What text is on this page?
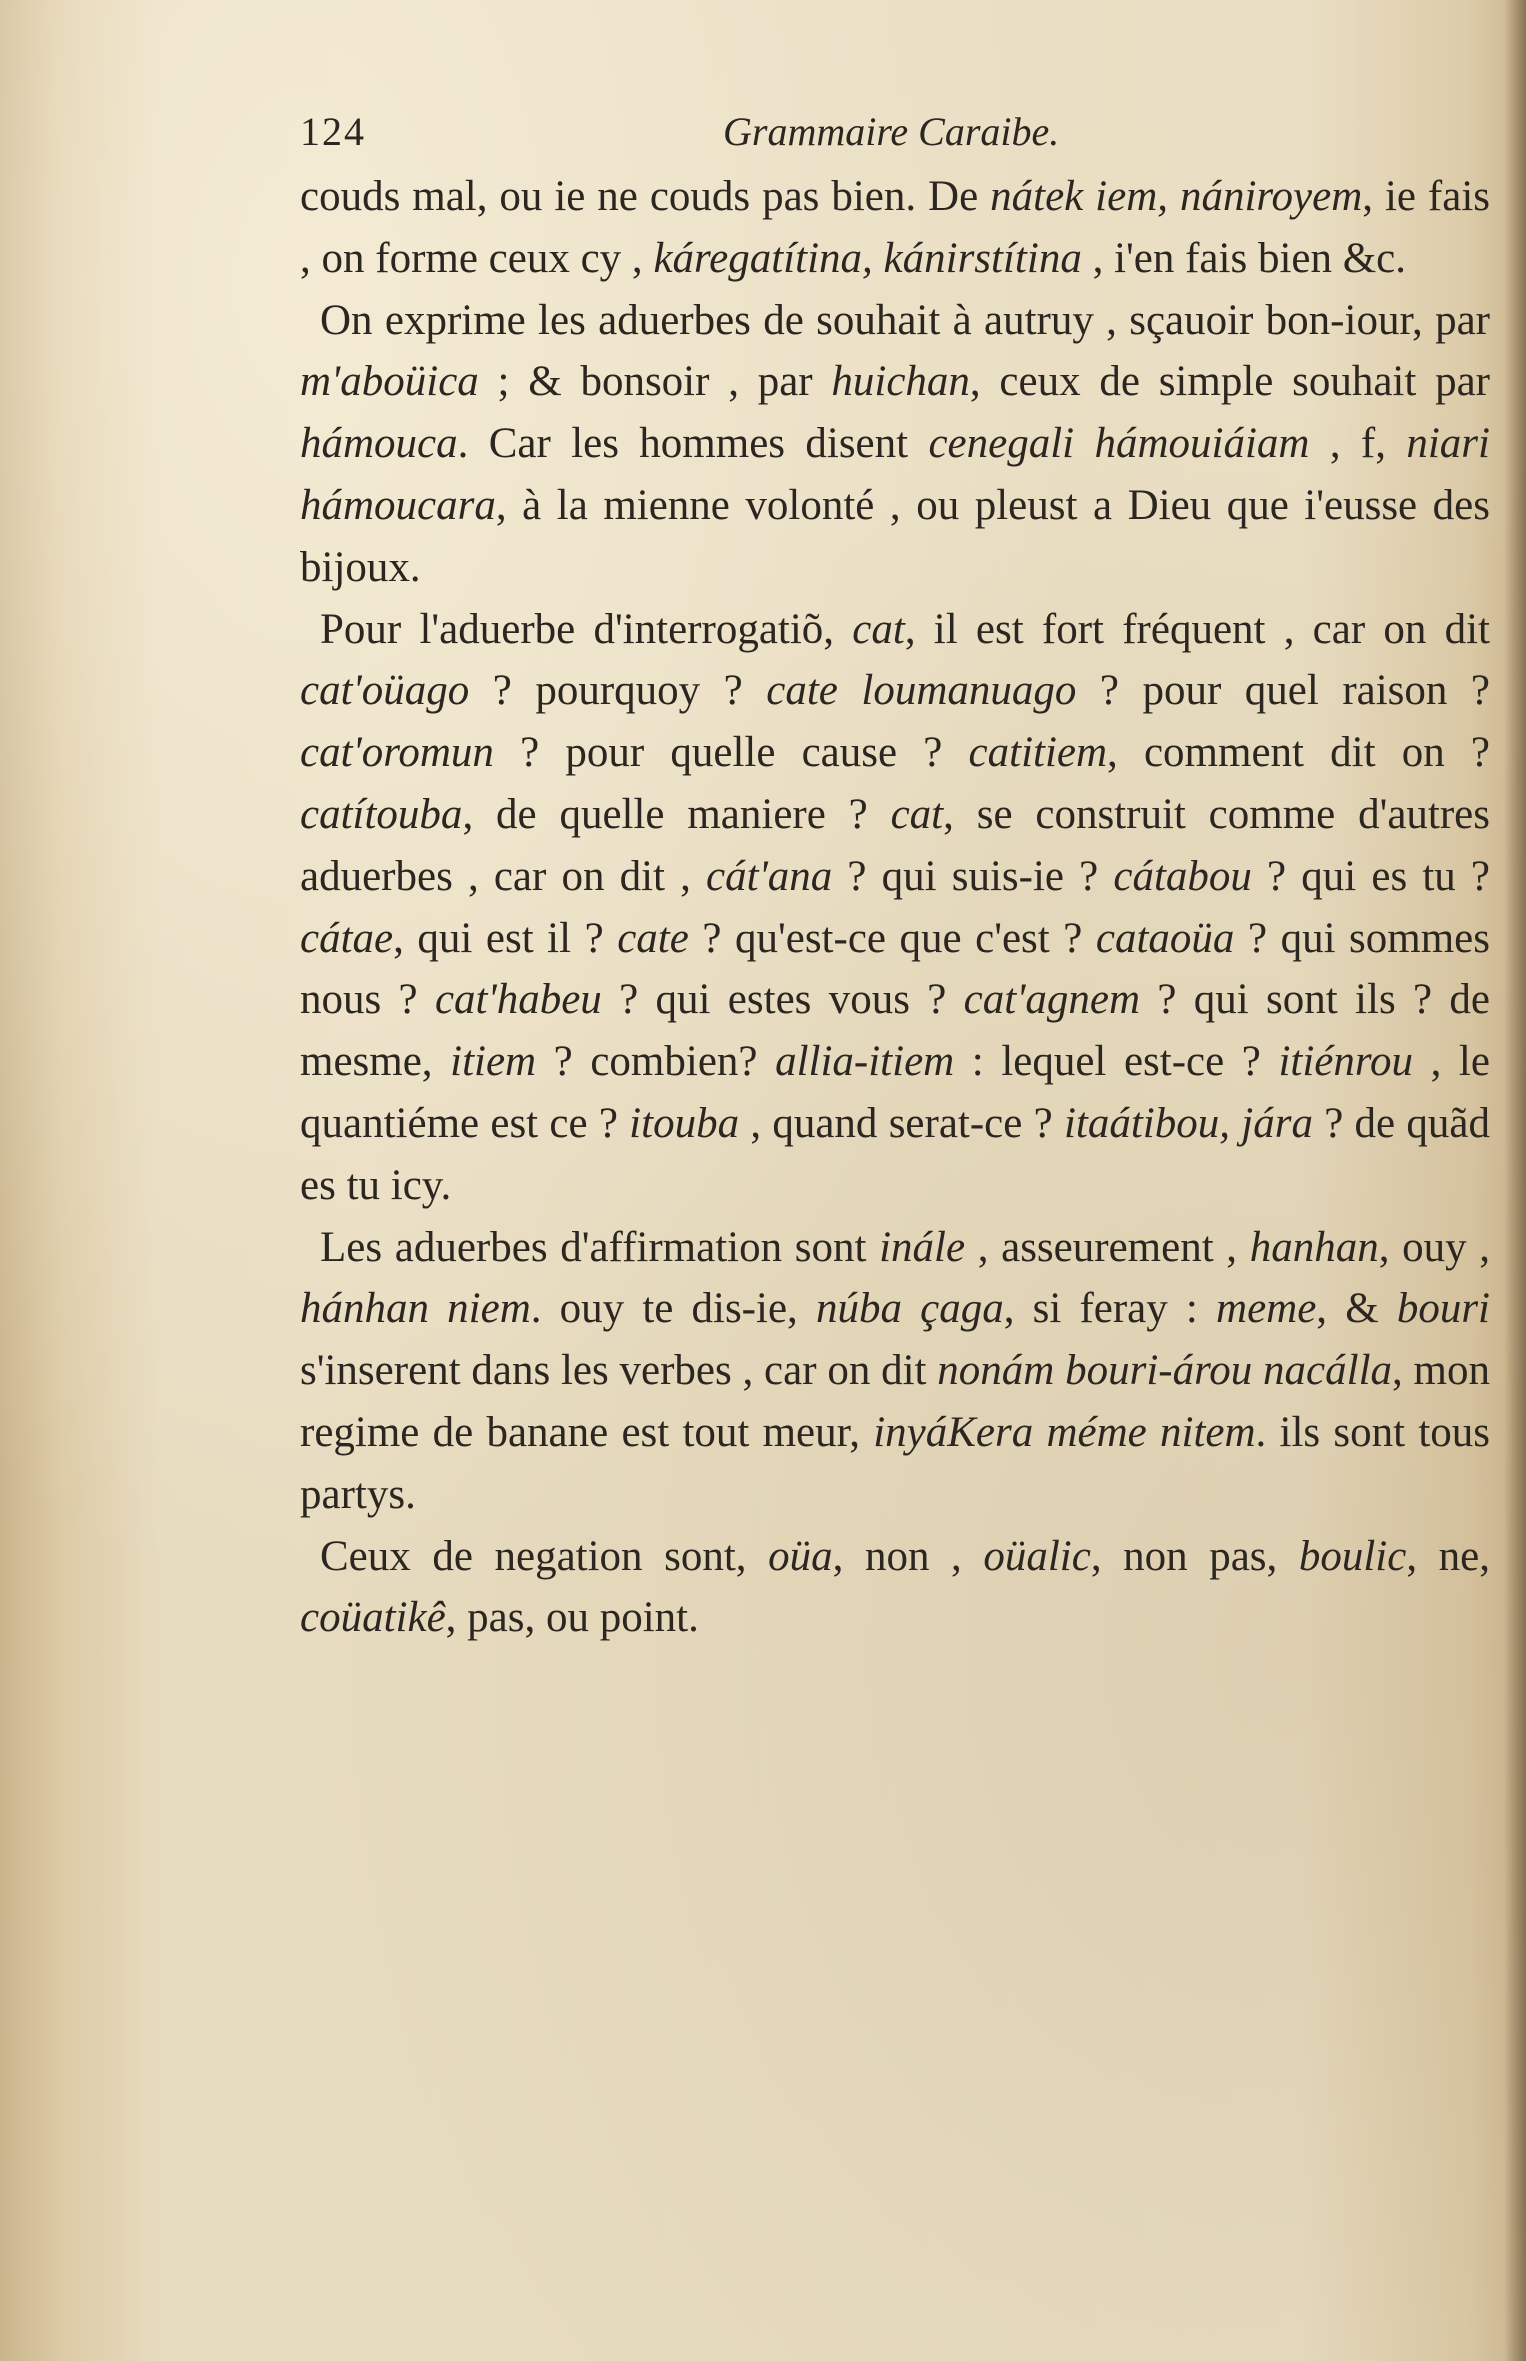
124	Grammaire Caraibe.

couds mal, ou ie ne couds pas bien. De nátek iem, nániroyem, ie fais , on forme ceux cy , káregatítina, kánirstítina , i'en fais bien &c.

On exprime les aduerbes de souhait à autruy , sçauoir bon-iour, par m'aboüica ; & bonsoir , par huichan, ceux de simple souhait par hámouca. Car les hommes disent cenegali hámouiáiam , f, niari hámoucara, à la mienne volonté , ou pleust a Dieu que i'eusse des bijoux.

Pour l'aduerbe d'interrogatiõ, cat, il est fort fréquent , car on dit cat'oüago ? pourquoy ? cate loumanuago ? pour quel raison ? cat'oromun ? pour quelle cause ? catitiem, comment dit on ? catítouba, de quelle maniere ? cat, se construit comme d'autres aduerbes , car on dit , cát'ana ? qui suis-ie ? cátabou ? qui es tu ? cátae, qui est il ? cate ? qu'est-ce que c'est ? cataoüa ? qui sommes nous ? cat'habeu ? qui estes vous ? cat'agnem ? qui sont ils ? de mesme, itiem ? combien? allia-itiem : lequel est-ce ? itiénrou , le quantiéme est ce ? itouba , quand serat-ce ? itaátibou, jára ? de quãd es tu icy.

Les aduerbes d'affirmation sont inále , asseurement , hanhan, ouy , hánhan niem. ouy te dis-ie, núba çaga, si feray : meme, & bouri s'inserent dans les verbes , car on dit nonám bouri-árou nacálla, mon regime de banane est tout meur, inyáKera méme nitem. ils sont tous partys.

Ceux de negation sont, oüa, non , oüalic, non pas, boulic, ne, coüatikê, pas, ou point.
